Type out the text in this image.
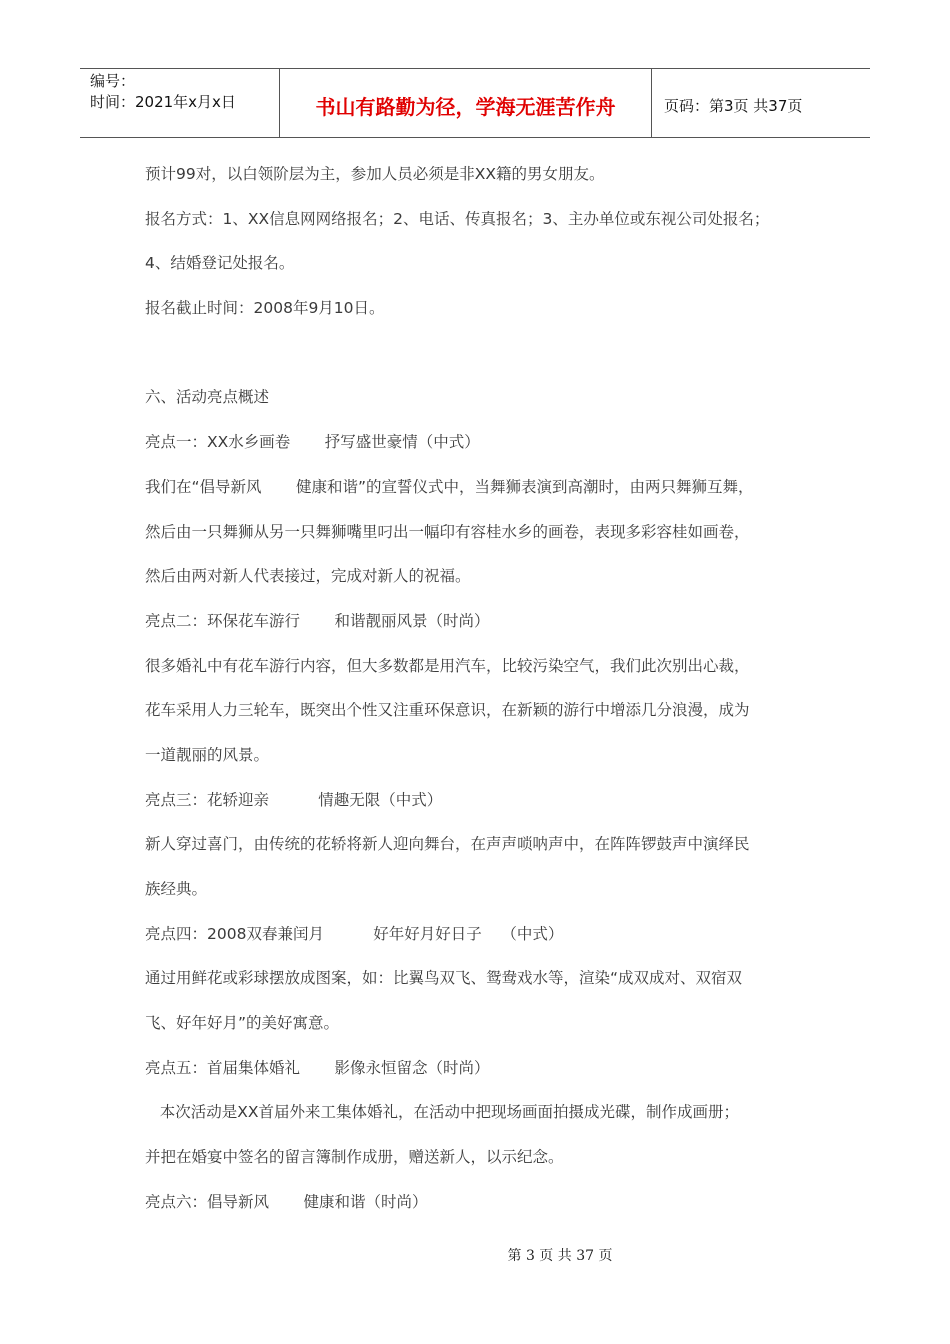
编号：
时间：2021年x月x日	书山有路勤为径，学海无涯苦作舟	页码：第3页 共37页
预计99对，以白领阶层为主，参加人员必须是非XX籍的男女朋友。
报名方式：1、XX信息网网络报名；2、电话、传真报名；3、主办单位或东视公司处报名；
4、结婚登记处报名。
报名截止时间：2008年9月10日。
六、活动亮点概述
亮点一：XX水乡画卷       抒写盛世豪情（中式）
我们在“倡导新风       健康和谐”的宣誓仪式中，当舞狮表演到高潮时，由两只舞狮互舞，
然后由一只舞狮从另一只舞狮嘴里叼出一幅印有容桂水乡的画卷，表现多彩容桂如画卷，
然后由两对新人代表接过，完成对新人的祝福。
亮点二：环保花车游行       和谐靓丽风景（时尚）
很多婚礼中有花车游行内容，但大多数都是用汽车，比较污染空气，我们此次别出心裁，
花车采用人力三轮车，既突出个性又注重环保意识，在新颖的游行中增添几分浪漫，成为
一道靓丽的风景。
亮点三：花轿迎亲          情趣无限（中式）
新人穿过喜门，由传统的花轿将新人迎向舞台，在声声唢呐声中，在阵阵锣鼓声中演绎民
族经典。
亮点四：2008双春兼闰月          好年好月好日子    （中式）
通过用鲜花或彩球摆放成图案，如：比翼鸟双飞、鸳鸯戏水等，渲染“成双成对、双宿双
飞、好年好月”的美好寓意。
亮点五：首届集体婚礼       影像永恒留念（时尚）
本次活动是XX首届外来工集体婚礼，在活动中把现场画面拍摄成光碟，制作成画册；
并把在婚宴中签名的留言簿制作成册，赠送新人，以示纪念。
亮点六：倡导新风       健康和谐（时尚）
第 3 页 共 37 页
